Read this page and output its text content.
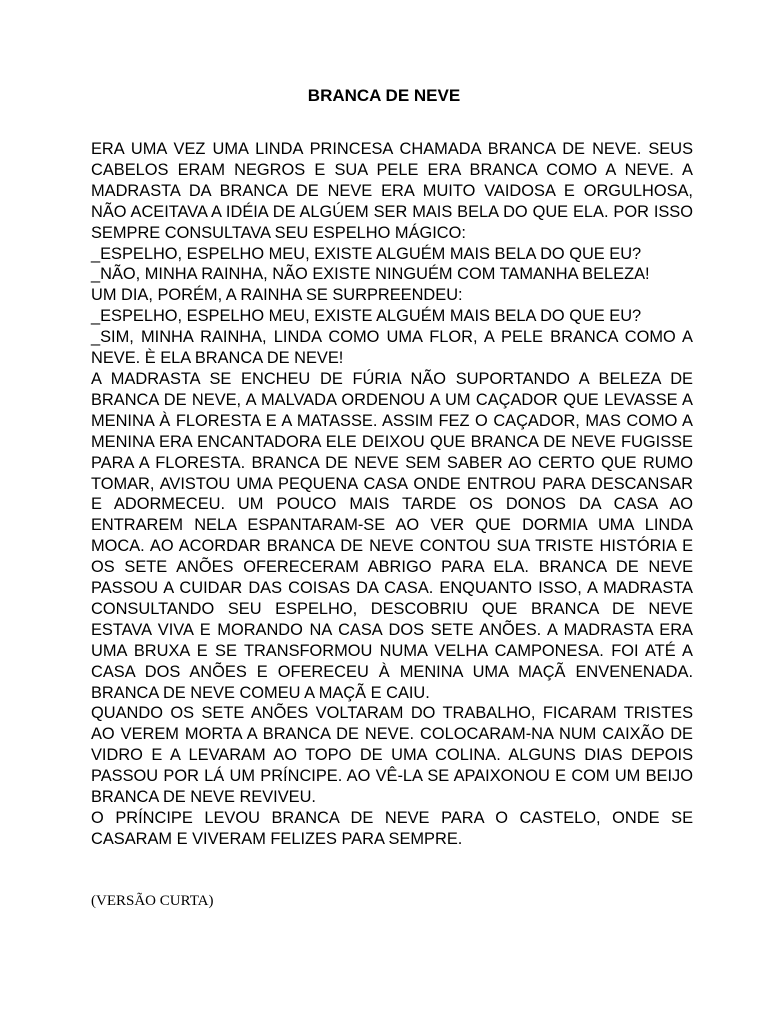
BRANCA DE NEVE

ERA UMA VEZ UMA LINDA PRINCESA CHAMADA BRANCA DE NEVE. SEUS CABELOS ERAM NEGROS E SUA PELE ERA BRANCA COMO A NEVE. A MADRASTA DA BRANCA DE NEVE ERA MUITO VAIDOSA E ORGULHOSA, NÃO ACEITAVA A IDÉIA DE ALGÚEM SER MAIS BELA DO QUE ELA. POR ISSO SEMPRE CONSULTAVA SEU ESPELHO MÁGICO:

_ESPELHO, ESPELHO MEU, EXISTE ALGUÉM MAIS BELA DO QUE EU?

_NÃO, MINHA RAINHA, NÃO EXISTE NINGUÉM COM TAMANHA BELEZA!

UM DIA, PORÉM, A RAINHA SE SURPREENDEU:

_ESPELHO, ESPELHO MEU, EXISTE ALGUÉM MAIS BELA DO QUE EU?

_SIM, MINHA RAINHA, LINDA COMO UMA FLOR, A PELE BRANCA COMO A NEVE. È ELA BRANCA DE NEVE!

A MADRASTA SE ENCHEU DE FÚRIA NÃO SUPORTANDO A BELEZA DE BRANCA DE NEVE, A MALVADA ORDENOU A UM CAÇADOR QUE LEVASSE A MENINA À FLORESTA E A MATASSE. ASSIM FEZ O CAÇADOR, MAS COMO A MENINA ERA ENCANTADORA ELE DEIXOU QUE BRANCA DE NEVE FUGISSE PARA A FLORESTA. BRANCA DE NEVE SEM SABER AO CERTO QUE RUMO TOMAR, AVISTOU UMA PEQUENA CASA ONDE ENTROU PARA DESCANSAR E ADORMECEU. UM POUCO MAIS TARDE OS DONOS DA CASA AO ENTRAREM NELA ESPANTARAM-SE AO VER QUE DORMIA UMA LINDA MOCA. AO ACORDAR BRANCA DE NEVE CONTOU SUA TRISTE HISTÓRIA E OS SETE ANÕES OFERECERAM ABRIGO PARA ELA. BRANCA DE NEVE PASSOU A CUIDAR DAS COISAS DA CASA. ENQUANTO ISSO, A MADRASTA CONSULTANDO SEU ESPELHO, DESCOBRIU QUE BRANCA DE NEVE ESTAVA VIVA E MORANDO NA CASA DOS SETE ANÕES. A MADRASTA ERA UMA BRUXA E SE TRANSFORMOU NUMA VELHA CAMPONESA. FOI ATÉ A CASA DOS ANÕES E OFERECEU À MENINA UMA MAÇÃ ENVENENADA. BRANCA DE NEVE COMEU A MAÇÃ E CAIU.

QUANDO OS SETE ANÕES VOLTARAM DO TRABALHO, FICARAM TRISTES AO VEREM MORTA A BRANCA DE NEVE. COLOCARAM-NA NUM CAIXÃO DE VIDRO E A LEVARAM AO TOPO DE UMA COLINA. ALGUNS DIAS DEPOIS PASSOU POR LÁ UM PRÍNCIPE. AO VÊ-LA SE APAIXONOU E COM UM BEIJO BRANCA DE NEVE REVIVEU.

O PRÍNCIPE LEVOU BRANCA DE NEVE PARA O CASTELO, ONDE SE CASARAM E VIVERAM FELIZES PARA SEMPRE.

(VERSÃO CURTA)
